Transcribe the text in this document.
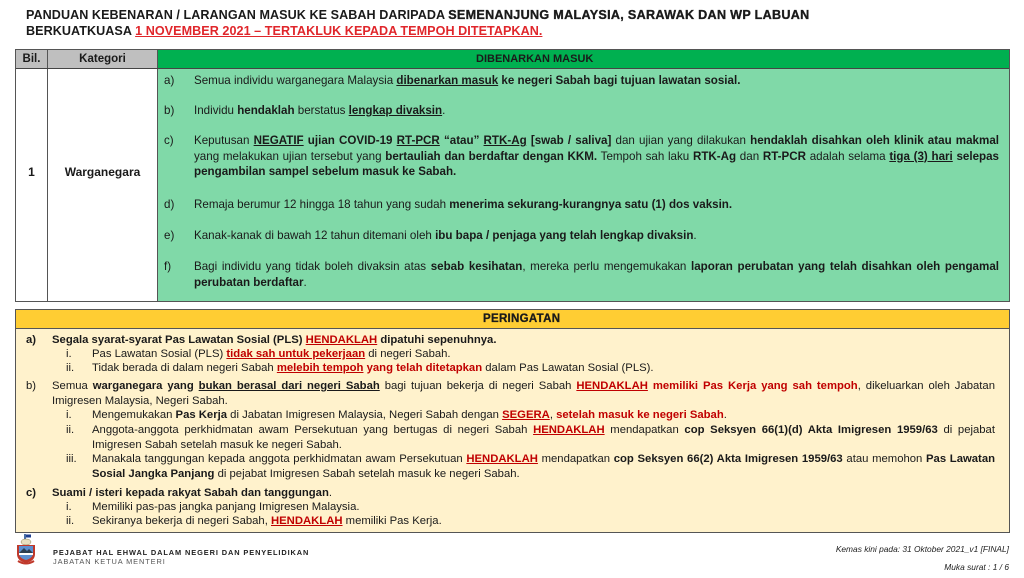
PANDUAN KEBENARAN / LARANGAN MASUK KE SABAH DARIPADA SEMENANJUNG MALAYSIA, SARAWAK DAN WP LABUAN
BERKUATKUASA 1 NOVEMBER 2021 – TERTAKLUK KEPADA TEMPOH DITETAPKAN.
Bil.	Kategori	DIBENARKAN MASUK
1	Warganegara
a)	Semua individu warganegara Malaysia dibenarkan masuk ke negeri Sabah bagi tujuan lawatan sosial.
b)	Individu hendaklah berstatus lengkap divaksin.
c)	Keputusan NEGATIF ujian COVID-19 RT-PCR “atau” RTK-Ag [swab / saliva] dan ujian yang dilakukan hendaklah disahkan oleh klinik atau makmal yang melakukan ujian tersebut yang bertauliah dan berdaftar dengan KKM. Tempoh sah laku RTK-Ag dan RT-PCR adalah selama tiga (3) hari selepas pengambilan sampel sebelum masuk ke Sabah.
d)	Remaja berumur 12 hingga 18 tahun yang sudah menerima sekurang-kurangnya satu (1) dos vaksin.
e)	Kanak-kanak di bawah 12 tahun ditemani oleh ibu bapa / penjaga yang telah lengkap divaksin.
f)	Bagi individu yang tidak boleh divaksin atas sebab kesihatan, mereka perlu mengemukakan laporan perubatan yang telah disahkan oleh pengamal perubatan berdaftar.
PERINGATAN
a)	Segala syarat-syarat Pas Lawatan Sosial (PLS) HENDAKLAH dipatuhi sepenuhnya.
i.	Pas Lawatan Sosial (PLS) tidak sah untuk pekerjaan di negeri Sabah.
ii.	Tidak berada di dalam negeri Sabah melebih tempoh yang telah ditetapkan dalam Pas Lawatan Sosial (PLS).
b)	Semua warganegara yang bukan berasal dari negeri Sabah bagi tujuan bekerja di negeri Sabah HENDAKLAH memiliki Pas Kerja yang sah tempoh, dikeluarkan oleh Jabatan Imigresen Malaysia, Negeri Sabah.
i.	Mengemukakan Pas Kerja di Jabatan Imigresen Malaysia, Negeri Sabah dengan SEGERA, setelah masuk ke negeri Sabah.
ii.	Anggota-anggota perkhidmatan awam Persekutuan yang bertugas di negeri Sabah HENDAKLAH mendapatkan cop Seksyen 66(1)(d) Akta Imigresen 1959/63 di pejabat Imigresen Sabah setelah masuk ke negeri Sabah.
iii.	Manakala tanggungan kepada anggota perkhidmatan awam Persekutuan HENDAKLAH mendapatkan cop Seksyen 66(2) Akta Imigresen 1959/63 atau memohon Pas Lawatan Sosial Jangka Panjang di pejabat Imigresen Sabah setelah masuk ke negeri Sabah.
c)	Suami / isteri kepada rakyat Sabah dan tanggungan.
i.	Memiliki pas-pas jangka panjang Imigresen Malaysia.
ii.	Sekiranya bekerja di negeri Sabah, HENDAKLAH memiliki Pas Kerja.
PEJABAT HAL EHWAL DALAM NEGERI DAN PENYELIDIKAN
JABATAN KETUA MENTERI
Kemas kini pada: 31 Oktober 2021_v1 [FINAL]
Muka surat : 1 / 6
